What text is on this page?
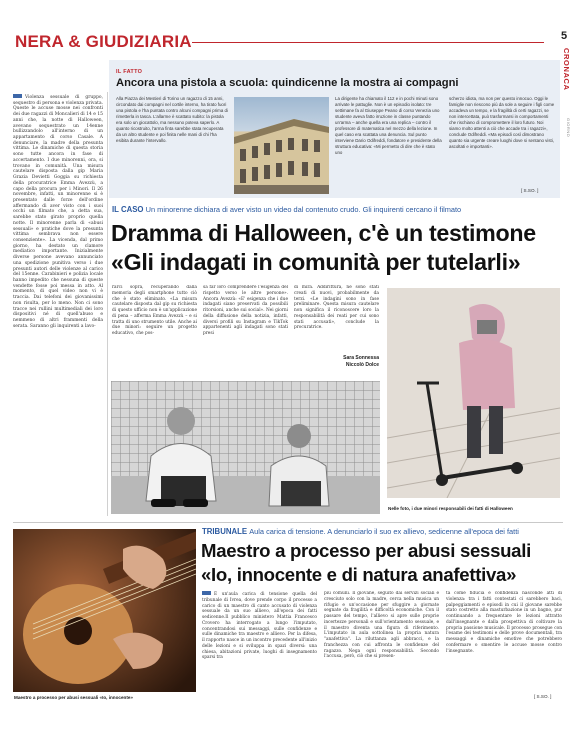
NERA & GIUDIZIARIA	5
CRONACA
GIORNO
IL FATTO
Ancora una pistola a scuola: quindicenne la mostra ai compagni
Alla Piazza dei Mestieri di Torino un ragazzo di 15 anni, circondato dai compagni nel cortile interno, ha tirato fuori una pistola e l'ha puntata contro alcuni compagni prima di rimetterla in tasca. L'allarme è scattato subito: la pistola era solo un giocattolo, ma nessuno poteva saperlo. A quanto ricostruito, l'arma finta sarebbe stata recuperata da un altro studente e poi finita nelle mani di chi l'ha esibita durante l'intervallo.
La dirigente ha chiamato il 112 e in pochi minuti sono arrivate le pattuglie. Non è un episodio isolato: tre settimane fa al Giuseppe Peano di corso Venezia uno studente aveva fatto irruzione in classe puntando un'arma – anche quella era una replica – contro il professore di matematica nel mezzo della lezione. In quel caso era scattata una denuncia. Sul punto interviene Dario Odifreddi, fondatore e presidente della struttura educativa: «Mi permetto di dire che è stato uno
scherzo idiota, ma non per questo innocuo. Oggi le famiglie non riescono più da sole a seguire i figli come accadeva un tempo, e la fragilità di certi ragazzi, se non intercettata, può trasformarsi in comportamenti che rischiano di compromettere il loro futuro. Noi siamo molto attenti a ciò che accade tra i ragazzi», conclude Odifreddi. «Ma episodi così dimostrano quanto sia urgente creare luoghi dove si sentano visti, ascoltati e importanti».
[ S.SO. ]
Violenza sessuale di gruppo, sequestro di persona e violenza privata. Queste le accuse mosse nei confronti dei due ragazzi di Moncalieri di 14 e 15 anni che, la notte di Halloween, avevano sequestrato un 14enne bullizzandolo all'interno di un appartamento di corso Casale. A denunciare, la madre della presunta vittima. Le dinamiche di questa storia sono tutte ancora in fase di accertamento. I due minorenni, ora, si trovano in comunità. Una misura cautelare disposta dalla gip Maria Grazia Devietti Goggia su richiesta della procuratrice Emma Avezzù, a capo della procura per i Minori. Il 26 novembre, infatti, un minorenne si è presentato dalle forze dell'ordine affermando di aver visto con i suoi occhi un filmato che, a detta sua, sarebbe stato girato proprio quella notte. Il minorenne parla di «abusi sessuali» e pratiche dove la presunta vittima sembrava non essere consenziente». La vicenda, dal primo giorno, ha destato un clamore mediatico importante. Inizialmente diverse persone avevano annunciato una spedizione punitiva verso i due presunti autori delle violenze al carico del 15enne. Carabinieri e polizia locale hanno impedito che nessuna di queste vendette fosse poi messa in atto. Al momento, di quel video non vi è traccia. Dai telefoni dei giovanissimi non risulta, per lo meno. Non ci sono tracce nei rullini multimediali dei loro dispositivi né di quell'abuso e nemmeno di altri frammenti della serata. Saranno gli inquirenti a lavo-
IL CASO Un minorenne dichiara di aver visto un video dal contenuto crudo. Gli inquirenti cercano il filmato
Dramma di Halloween, c'è un testimone
«Gli indagati in comunità per tutelarli»
rarci sopra, recuperando dalla memoria degli smartphone tutto ciò che è stato eliminato. «La misura cautelare disposta dal gip su richiesta di questo ufficio non è un'applicazione di pena – afferma Emma Avezzù – e si tratta di uno strumento utile. Anche ai due minori: seguire un progetto educativo, che pos-
sa far loro comprendere l'esigenza del rispetto verso le altre persone». Ancora Avezzù: «E' esigenza che i due indagati siano preservati da possibili ritorsioni, anche sui social». Nei giorni della diffusione della notizia, infatti, diversi profili su Instagram e TikTok appartenenti agli indagati sono stati presi
di mira. Addirittura, ne sono stati creati di nuovi, probabilmente da terzi. «Le indagini sono in fase preliminare. Questa misura cautelare non significa il riconoscere loro la responsabilità dei reati per cui sono stati accusati», conclude la procuratrice.
Sara Sonnessa
Niccolò Dolce
Nelle foto, i due minori responsabili dei fatti di Halloween
Maestro a processo per abusi sessuali «Io, innocente»
TRIBUNALE Aula carica di tensione. A denunciarlo il suo ex allievo, sedicenne all'epoca dei fatti
Maestro a processo per abusi sessuali
«Io, innocente e di natura anafettiva»
È un'aula carica di tensione quella del tribunale di Ivrea, dove prende corpo il processo a carico di un maestro di canto accusato di violenza sessuale da un suo allievo, all'epoca dei fatti sedicenne.Il pubblico ministero Mattia Francesco Crovero ha interrogato a lungo l'imputato, concentrandosi sui messaggi, sulle confidenze e sulle dinamiche tra maestro e allievo. Per la difesa, il rapporto nasce in un incontro precedente all'inizio delle lezioni e si sviluppa in spazi diversi: una chiesa, abitazioni private, luoghi di insegnamento sparsi tra
più comuni. Il giovane, seguito dai servizi sociali e cresciuto solo con la madre, cerca nella musica un rifugio e un'occasione per sfuggire a giornate segnate da fragilità e difficoltà economiche. Con il passare del tempo, l'allievo si apre sulle proprie incertezze personali e sull'orientamento sessuale, e il maestro diventa una figura di riferimento. L'imputato in aula sottolinea la propria natura "anafettiva". La riluttanza agli abbracci, e la franchezza con cui affronta le confidenze del ragazzo. Nega ogni responsabilità. Secondo l'accusa, però, ciò che si presen-
ta come fiducia e confidenza nasconde atti di violenza: tra i fatti contestati ci sarebbero baci, palpeggiamenti e episodi in cui il giovane sarebbe stato costretto alla masturbazione in un bagno, pur continuando a frequentare le lezioni attratto dall'insegnante e dalla prospettiva di coltivare la propria passione musicale. Il processo prosegue con l'esame dei testimoni e delle prove documentali, tra messaggi e dinamiche emotive che potrebbero confermare o smentire le accuse mosse contro l'insegnante.
[ S.SO. ]
